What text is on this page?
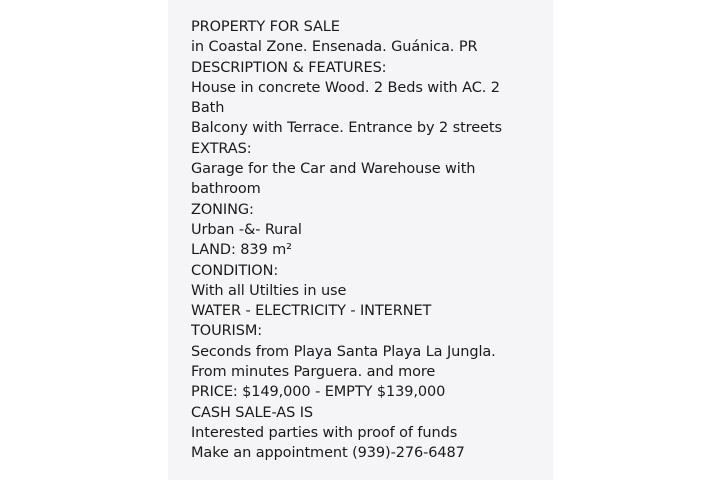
PROPERTY FOR SALE
in Coastal Zone. Ensenada. Guánica. PR
DESCRIPTION & FEATURES:
House in concrete Wood. 2 Beds with AC. 2
Bath
Balcony with Terrace. Entrance by 2 streets
EXTRAS:
Garage for the Car and Warehouse with
bathroom
ZONING:
Urban -&- Rural
LAND: 839 m²
CONDITION:
With all Utilties in use
WATER - ELECTRICITY - INTERNET
TOURISM:
Seconds from Playa Santa Playa La Jungla.
From minutes Parguera. and more
PRICE: $149,000 - EMPTY $139,000
CASH SALE-AS IS
Interested parties with proof of funds
Make an appointment (939)-276-6487
